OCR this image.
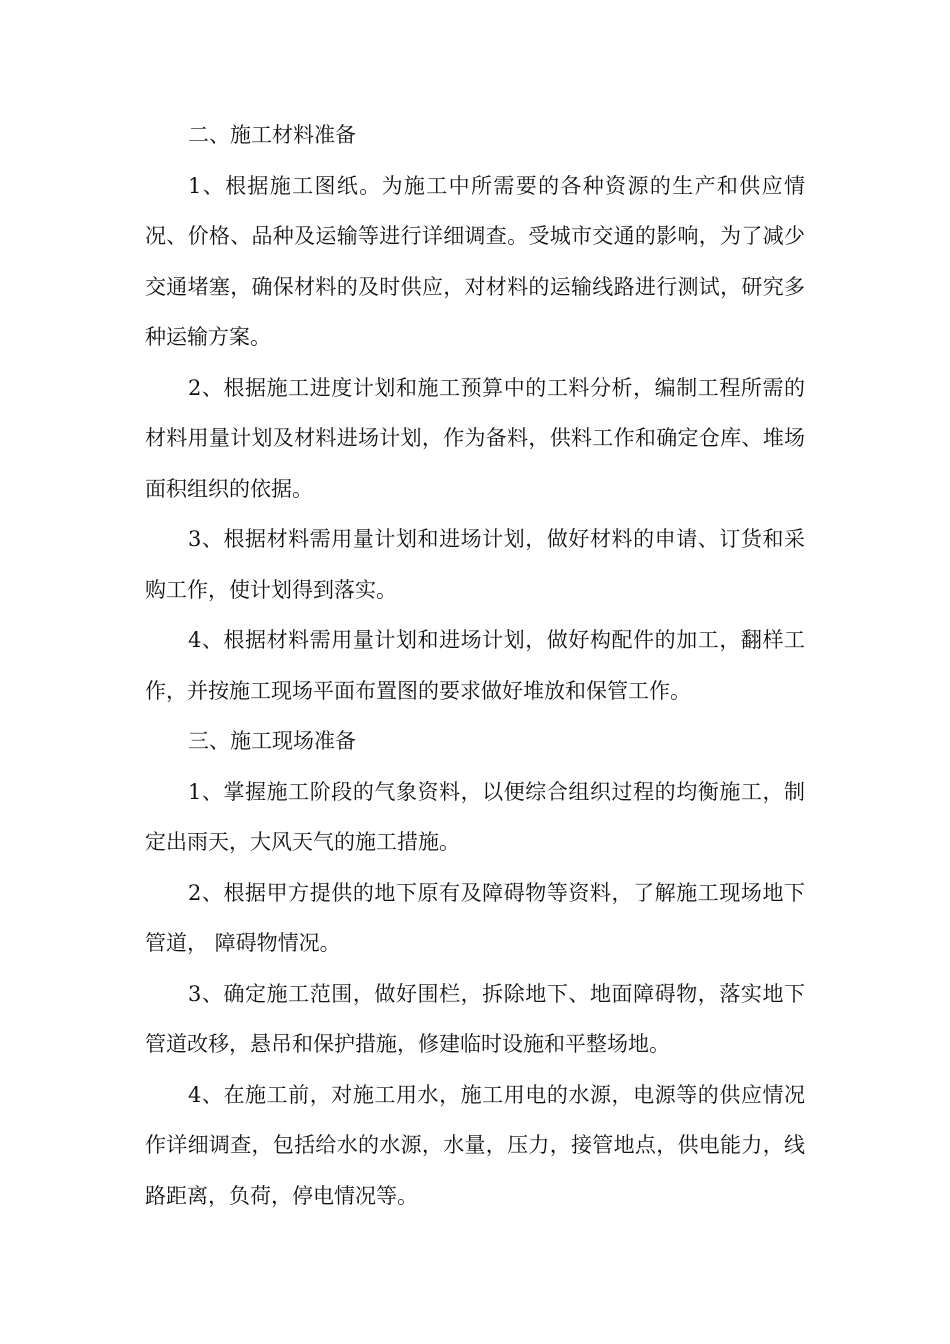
二、施工材料准备

1、根据施工图纸。为施工中所需要的各种资源的生产和供应情况、价格、品种及运输等进行详细调查。受城市交通的影响，为了减少交通堵塞，确保材料的及时供应，对材料的运输线路进行测试，研究多种运输方案。

2、根据施工进度计划和施工预算中的工料分析，编制工程所需的材料用量计划及材料进场计划，作为备料，供料工作和确定仓库、堆场面积组织的依据。

3、根据材料需用量计划和进场计划，做好材料的申请、订货和采购工作，使计划得到落实。

4、根据材料需用量计划和进场计划，做好构配件的加工，翻样工作，并按施工现场平面布置图的要求做好堆放和保管工作。

三、施工现场准备

1、掌握施工阶段的气象资料，以便综合组织过程的均衡施工，制定出雨天，大风天气的施工措施。

2、根据甲方提供的地下原有及障碍物等资料，了解施工现场地下管道， 障碍物情况。

3、确定施工范围，做好围栏，拆除地下、地面障碍物，落实地下管道改移，悬吊和保护措施，修建临时设施和平整场地。

4、在施工前，对施工用水，施工用电的水源，电源等的供应情况作详细调查，包括给水的水源，水量，压力，接管地点，供电能力，线路距离，负荷，停电情况等。
